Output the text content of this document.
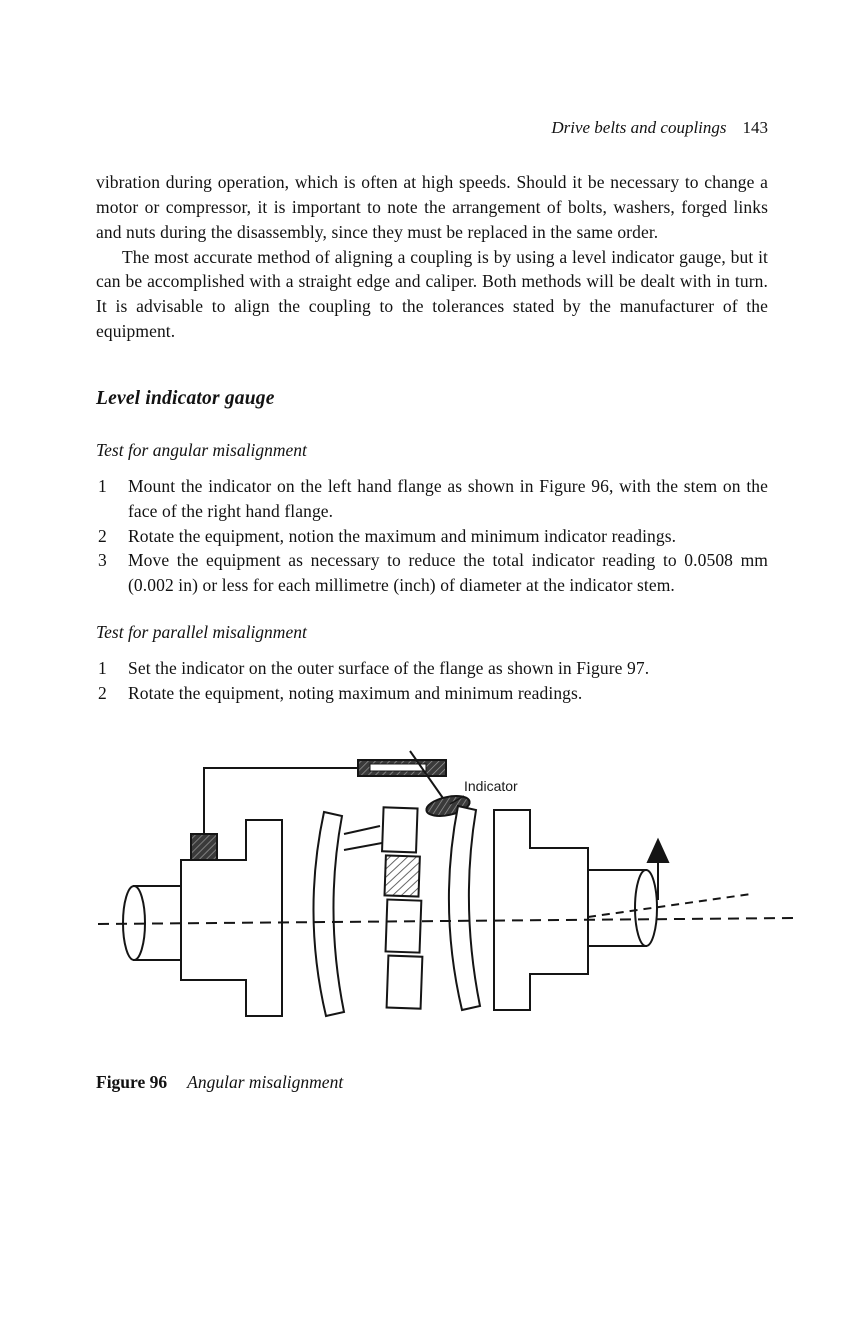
Drive belts and couplings 143

vibration during operation, which is often at high speeds. Should it be necessary to change a motor or compressor, it is important to note the arrangement of bolts, washers, forged links and nuts during the disassembly, since they must be replaced in the same order.

The most accurate method of aligning a coupling is by using a level indicator gauge, but it can be accomplished with a straight edge and caliper. Both methods will be dealt with in turn. It is advisable to align the coupling to the tolerances stated by the manufacturer of the equipment.

Level indicator gauge
Test for angular misalignment
1 Mount the indicator on the left hand flange as shown in Figure 96, with the stem on the face of the right hand flange.
2 Rotate the equipment, notion the maximum and minimum indicator readings.
3 Move the equipment as necessary to reduce the total indicator reading to 0.0508 mm (0.002 in) or less for each millimetre (inch) of diameter at the indicator stem.
Test for parallel misalignment
1 Set the indicator on the outer surface of the flange as shown in Figure 97.
2 Rotate the equipment, noting maximum and minimum readings.
Indicator
Figure 96 Angular misalignment
